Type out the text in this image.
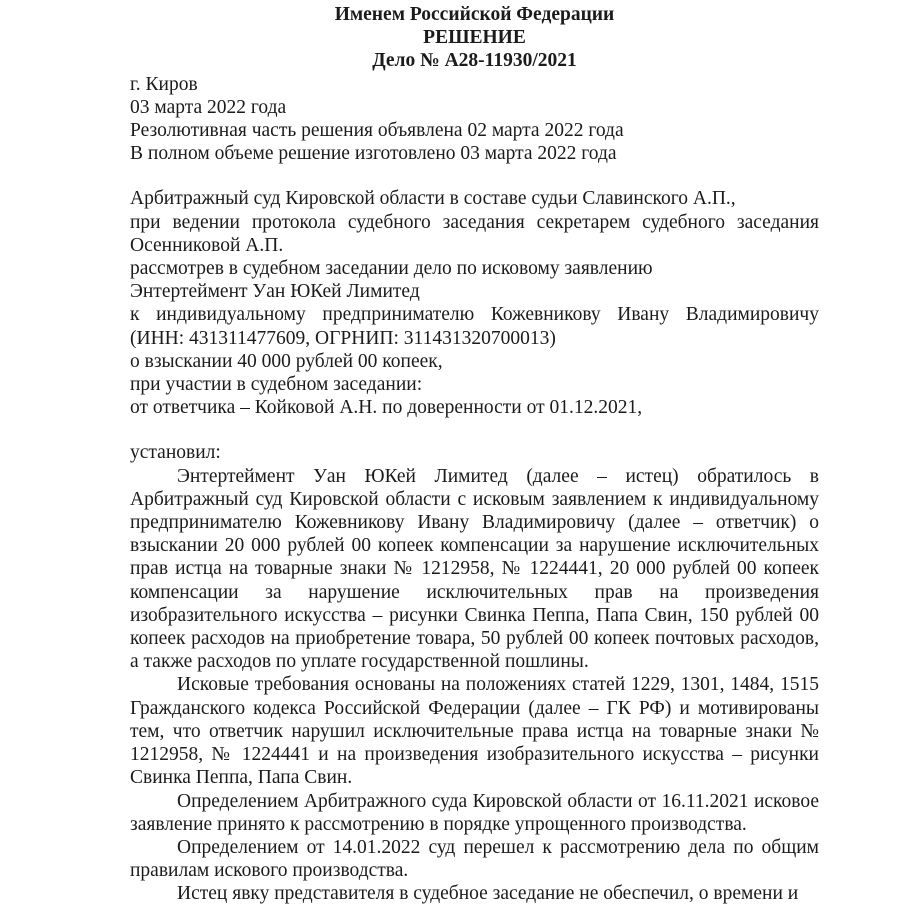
Именем Российской Федерации
РЕШЕНИЕ
Дело № А28-11930/2021
г. Киров
03 марта 2022 года
Резолютивная часть решения объявлена 02 марта 2022 года
В полном объеме решение изготовлено 03 марта 2022 года
Арбитражный суд Кировской области в составе судьи Славинского А.П.,
при ведении протокола судебного заседания секретарем судебного заседания Осенниковой А.П.
рассмотрев в судебном заседании дело по исковому заявлению
Энтертеймент Уан ЮКей Лимитед
к индивидуальному предпринимателю Кожевникову Ивану Владимировичу (ИНН: 431311477609, ОГРНИП: 311431320700013)
о взыскании 40 000 рублей 00 копеек,
при участии в судебном заседании:
от ответчика – Койковой А.Н. по доверенности от 01.12.2021,
установил:
Энтертеймент Уан ЮКей Лимитед (далее – истец) обратилось в Арбитражный суд Кировской области с исковым заявлением к индивидуальному предпринимателю Кожевникову Ивану Владимировичу (далее – ответчик) о взыскании 20 000 рублей 00 копеек компенсации за нарушение исключительных прав истца на товарные знаки № 1212958, № 1224441, 20 000 рублей 00 копеек компенсации за нарушение исключительных прав на произведения изобразительного искусства – рисунки Свинка Пеппа, Папа Свин, 150 рублей 00 копеек расходов на приобретение товара, 50 рублей 00 копеек почтовых расходов, а также расходов по уплате государственной пошлины.
Исковые требования основаны на положениях статей 1229, 1301, 1484, 1515 Гражданского кодекса Российской Федерации (далее – ГК РФ) и мотивированы тем, что ответчик нарушил исключительные права истца на товарные знаки № 1212958, № 1224441 и на произведения изобразительного искусства – рисунки Свинка Пеппа, Папа Свин.
Определением Арбитражного суда Кировской области от 16.11.2021 исковое заявление принято к рассмотрению в порядке упрощенного производства.
Определением от 14.01.2022 суд перешел к рассмотрению дела по общим правилам искового производства.
Истец явку представителя в судебное заседание не обеспечил, о времени и
